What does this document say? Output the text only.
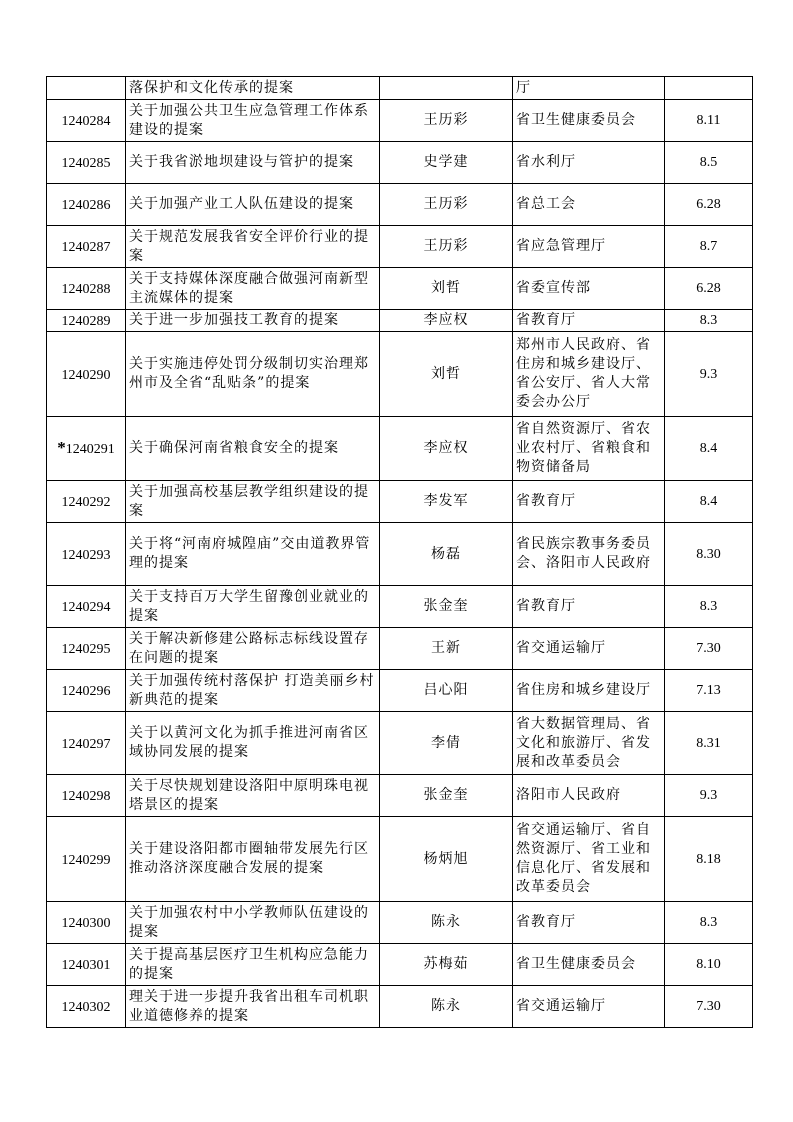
	落保护和文化传承的提案		厅	
1240284	关于加强公共卫生应急管理工作体系建设的提案	王历彩	省卫生健康委员会	8.11
1240285	关于我省淤地坝建设与管护的提案	史学建	省水利厅	8.5
1240286	关于加强产业工人队伍建设的提案	王历彩	省总工会	6.28
1240287	关于规范发展我省安全评价行业的提案	王历彩	省应急管理厅	8.7
1240288	关于支持媒体深度融合做强河南新型主流媒体的提案	刘哲	省委宣传部	6.28
1240289	关于进一步加强技工教育的提案	李应权	省教育厅	8.3
1240290	关于实施违停处罚分级制切实治理郑州市及全省“乱贴条”的提案	刘哲	郑州市人民政府、省住房和城乡建设厅、省公安厅、省人大常委会办公厅	9.3
*1240291	关于确保河南省粮食安全的提案	李应权	省自然资源厅、省农业农村厅、省粮食和物资储备局	8.4
1240292	关于加强高校基层教学组织建设的提案	李发军	省教育厅	8.4
1240293	关于将“河南府城隍庙”交由道教界管理的提案	杨磊	省民族宗教事务委员会、洛阳市人民政府	8.30
1240294	关于支持百万大学生留豫创业就业的提案	张金奎	省教育厅	8.3
1240295	关于解决新修建公路标志标线设置存在问题的提案	王新	省交通运输厅	7.30
1240296	关于加强传统村落保护 打造美丽乡村新典范的提案	吕心阳	省住房和城乡建设厅	7.13
1240297	关于以黄河文化为抓手推进河南省区域协同发展的提案	李倩	省大数据管理局、省文化和旅游厅、省发展和改革委员会	8.31
1240298	关于尽快规划建设洛阳中原明珠电视塔景区的提案	张金奎	洛阳市人民政府	9.3
1240299	关于建设洛阳都市圈轴带发展先行区推动洛济深度融合发展的提案	杨炳旭	省交通运输厅、省自然资源厅、省工业和信息化厅、省发展和改革委员会	8.18
1240300	关于加强农村中小学教师队伍建设的提案	陈永	省教育厅	8.3
1240301	关于提高基层医疗卫生机构应急能力的提案	苏梅茹	省卫生健康委员会	8.10
1240302	理关于进一步提升我省出租车司机职业道德修养的提案	陈永	省交通运输厅	7.30
